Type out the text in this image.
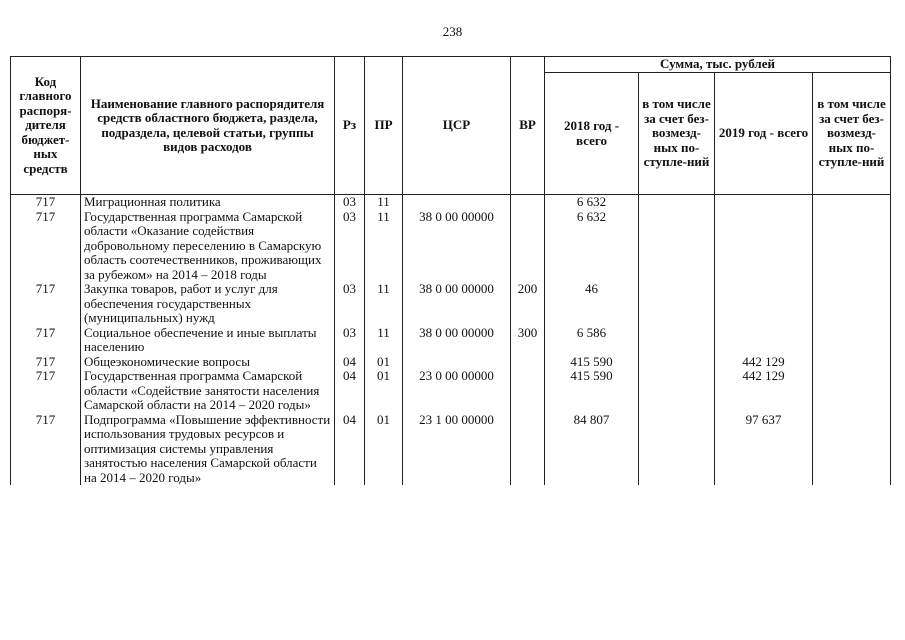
238
Код главного распоря-дителя бюджет-ных средств	Наименование главного распорядителя средств областного бюджета, раздела, подраздела, целевой статьи, группы видов расходов	Рз	ПР	ЦСР	ВР	Сумма, тыс. рублей			
						2018 год - всего	в том числе за счет без-возмезд-ных по-ступле-ний	2019 год - всего	в том числе за счет без-возмезд-ных по-ступле-ний
717	Миграционная политика	03	11			6 632			
717	Государственная программа Самарской области «Оказание содействия добровольному переселению в Самарскую область соотечественников, проживающих за рубежом» на 2014 – 2018 годы	03	11	38 0 00 00000		6 632			
717	Закупка товаров, работ и услуг для обеспечения государственных (муниципальных) нужд	03	11	38 0 00 00000	200	46			
717	Социальное обеспечение и иные выплаты населению	03	11	38 0 00 00000	300	6 586			
717	Общеэкономические вопросы	04	01			415 590		442 129	
717	Государственная программа Самарской области «Содействие занятости населения Самарской области на 2014 – 2020 годы»	04	01	23 0 00 00000		415 590		442 129	
717	Подпрограмма «Повышение эффективности использования трудовых ресурсов и оптимизация системы управления занятостью населения Самарской области на 2014 – 2020 годы»	04	01	23 1 00 00000		84 807		97 637	
